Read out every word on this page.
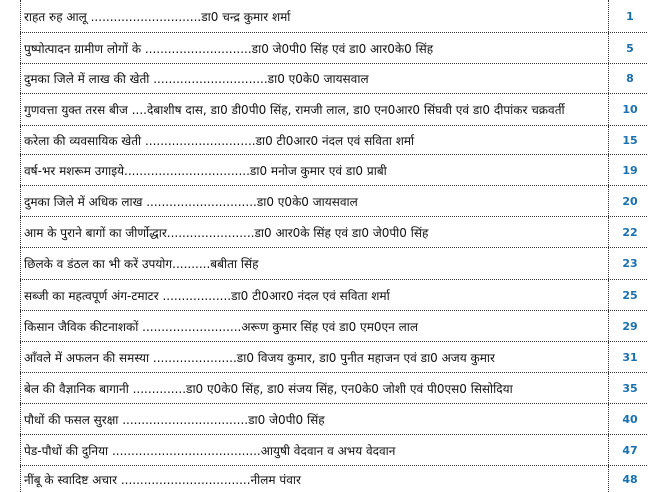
राहत रुह आलू .............................डा0 चन्द्र कुमार शर्मा	1
पुष्पोत्पादन ग्रामीण लोगों के ............................डा0 जे0पी0 सिंह एवं डा0 आर0के0 सिंह	5
दुमका जिले में लाख की खेती ..............................डा0 ए0के0 जायसवाल	8
गुणवत्ता युक्त तरस बीज ....देबाशीष दास, डा0 डी0पी0 सिंह, रामजी लाल, डा0 एन0आर0 सिंघवी एवं डा0 दीपांकर चक्रवर्ती	10
करेला की व्यवसायिक खेती .............................डा0 टी0आर0 नंदल एवं सविता शर्मा	15
वर्ष-भर मशरूम उगाइये.................................डा0 मनोज कुमार एवं डा0 प्राबी	19
दुमका जिले में अधिक लाख .............................डा0 ए0के0 जायसवाल	20
आम के पुराने बागों का जीर्णोद्धार.......................डा0 आर0के सिंह एवं डा0 जे0पी0 सिंह	22
छिलके व डंठल का भी करें उपयोग..........बबीता सिंह	23
सब्जी का महत्वपूर्ण अंग-टमाटर ..................डा0 टी0आर0 नंदल एवं सविता शर्मा	25
किसान जैविक कीटनाशकों ..........................अरूण कुमार सिंह एवं डा0 एम0एन लाल	29
आँवले में अफलन की समस्या ......................डा0 विजय कुमार, डा0 पुनीत महाजन एवं डा0 अजय कुमार	31
बेल की वैज्ञानिक बागानी ..............डा0 ए0के0 सिंह, डा0 संजय सिंह, एन0के0 जोशी एवं पी0एस0 सिसोदिया	35
पौधों की फसल सुरक्षा .................................डा0 जे0पी0 सिंह	40
पेड-पौधों की दुनिया .......................................आयुषी वेदवान व अभय वेदवान	47
नींबू के स्वादिष्ट अचार ..................................नीलम पंवार	48
